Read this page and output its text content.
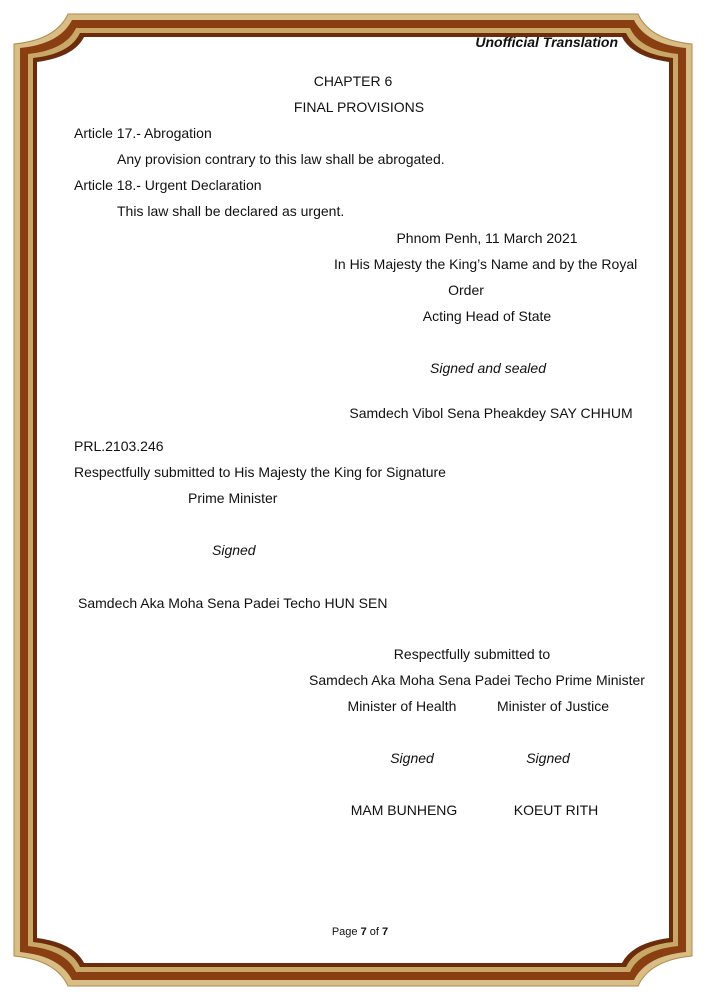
Unofficial Translation
CHAPTER 6
FINAL PROVISIONS
Article 17.- Abrogation
Any provision contrary to this law shall be abrogated.
Article 18.- Urgent Declaration
This law shall be declared as urgent.
Phnom Penh, 11 March 2021
In His Majesty the King’s Name and by the Royal
Order
Acting Head of State
Signed and sealed
Samdech Vibol Sena Pheakdey SAY CHHUM
PRL.2103.246
Respectfully submitted to His Majesty the King for Signature
Prime Minister
Signed
Samdech Aka Moha Sena Padei Techo HUN SEN
Respectfully submitted to
Samdech Aka Moha Sena Padei Techo Prime Minister
Minister of Health	Minister of Justice
Signed	Signed
MAM BUNHENG	KOEUT RITH
Page 7 of 7
